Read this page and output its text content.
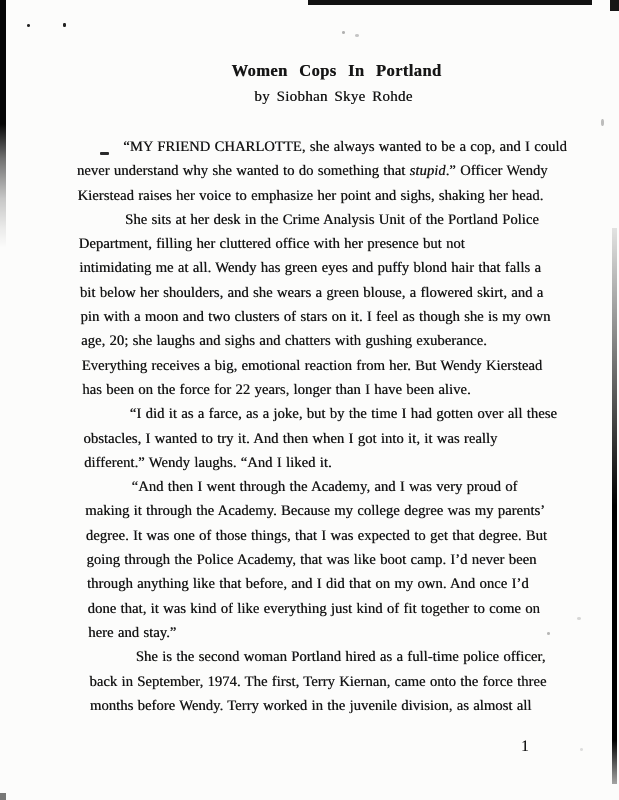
Women Cops In Portland
by Siobhan Skye Rohde
“MY FRIEND CHARLOTTE, she always wanted to be a cop, and I could
never understand why she wanted to do something that stupid.” Officer Wendy
Kierstead raises her voice to emphasize her point and sighs, shaking her head.
She sits at her desk in the Crime Analysis Unit of the Portland Police
Department, filling her cluttered office with her presence but not
intimidating me at all. Wendy has green eyes and puffy blond hair that falls a
bit below her shoulders, and she wears a green blouse, a flowered skirt, and a
pin with a moon and two clusters of stars on it. I feel as though she is my own
age, 20; she laughs and sighs and chatters with gushing exuberance.
Everything receives a big, emotional reaction from her. But Wendy Kierstead
has been on the force for 22 years, longer than I have been alive.
“I did it as a farce, as a joke, but by the time I had gotten over all these
obstacles, I wanted to try it. And then when I got into it, it was really
different.” Wendy laughs. “And I liked it.
“And then I went through the Academy, and I was very proud of
making it through the Academy. Because my college degree was my parents’
degree. It was one of those things, that I was expected to get that degree. But
going through the Police Academy, that was like boot camp. I’d never been
through anything like that before, and I did that on my own. And once I’d
done that, it was kind of like everything just kind of fit together to come on
here and stay.”
She is the second woman Portland hired as a full-time police officer,
back in September, 1974. The first, Terry Kiernan, came onto the force three
months before Wendy. Terry worked in the juvenile division, as almost all
1
